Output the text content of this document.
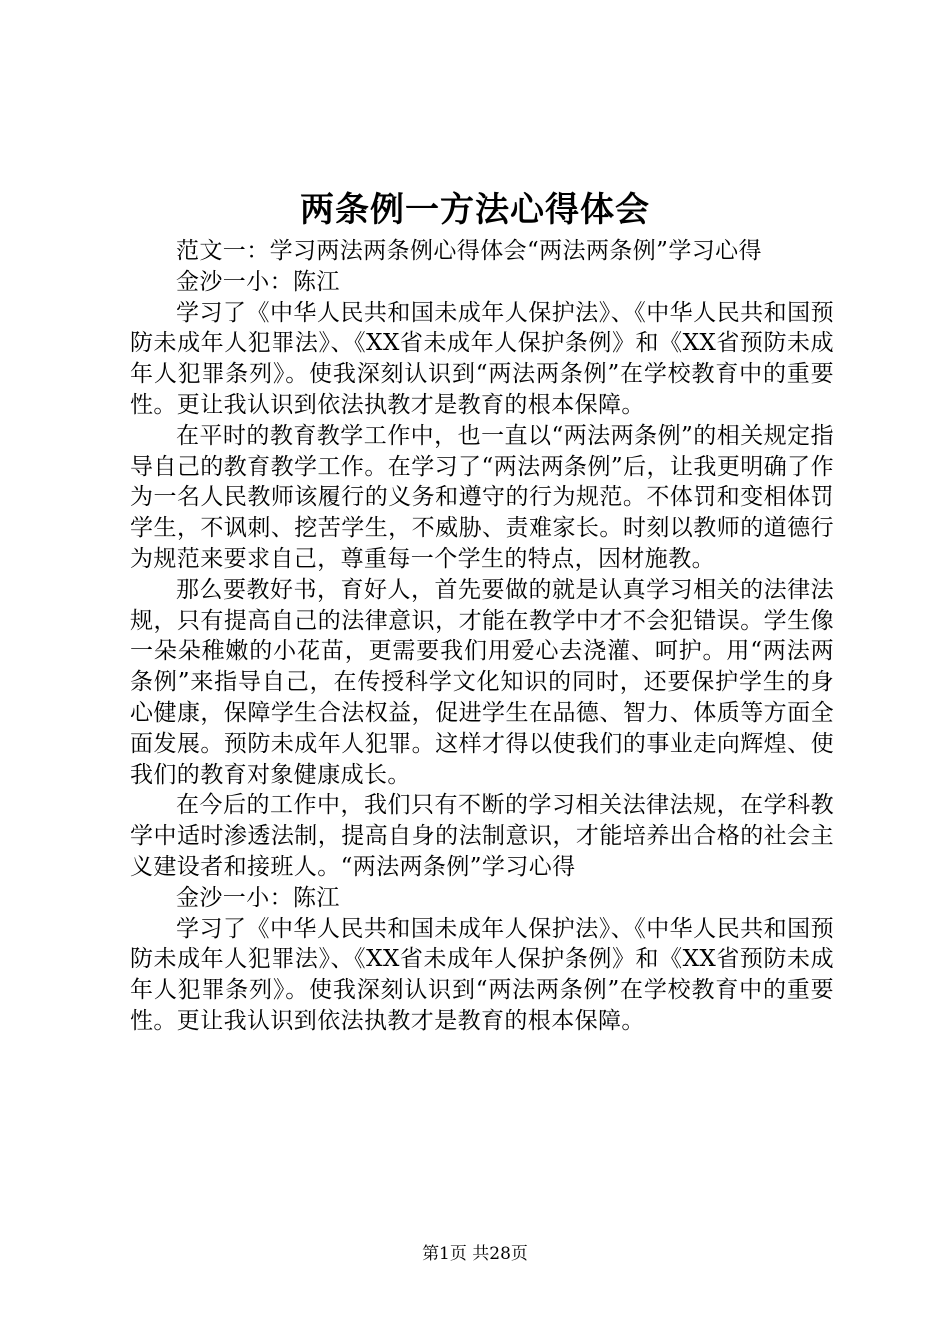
两条例一方法心得体会

范文一：学习两法两条例心得体会“两法两条例”学习心得

金沙一小：陈江

学习了《中华人民共和国未成年人保护法》、《中华人民共和国预防未成年人犯罪法》、《XX省未成年人保护条例》和《XX省预防未成年人犯罪条列》。使我深刻认识到“两法两条例”在学校教育中的重要性。更让我认识到依法执教才是教育的根本保障。

在平时的教育教学工作中，也一直以“两法两条例”的相关规定指导自己的教育教学工作。在学习了“两法两条例”后，让我更明确了作为一名人民教师该履行的义务和遵守的行为规范。不体罚和变相体罚学生，不讽刺、挖苦学生，不威胁、责难家长。时刻以教师的道德行为规范来要求自己，尊重每一个学生的特点，因材施教。

那么要教好书，育好人，首先要做的就是认真学习相关的法律法规，只有提高自己的法律意识，才能在教学中才不会犯错误。学生像一朵朵稚嫩的小花苗，更需要我们用爱心去浇灌、呵护。用“两法两条例”来指导自己，在传授科学文化知识的同时，还要保护学生的身心健康，保障学生合法权益，促进学生在品德、智力、体质等方面全面发展。预防未成年人犯罪。这样才得以使我们的事业走向辉煌、使我们的教育对象健康成长。

在今后的工作中，我们只有不断的学习相关法律法规，在学科教学中适时渗透法制，提高自身的法制意识，才能培养出合格的社会主义建设者和接班人。“两法两条例”学习心得

金沙一小：陈江

学习了《中华人民共和国未成年人保护法》、《中华人民共和国预防未成年人犯罪法》、《XX省未成年人保护条例》和《XX省预防未成年人犯罪条列》。使我深刻认识到“两法两条例”在学校教育中的重要性。更让我认识到依法执教才是教育的根本保障。

第1页 共28页
